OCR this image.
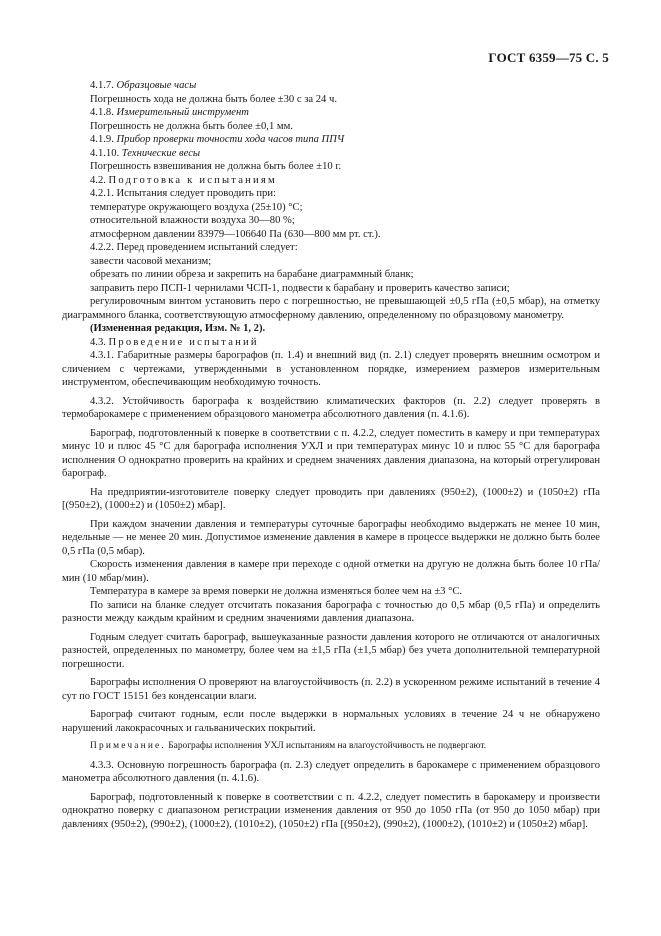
ГОСТ 6359—75 С. 5

4.1.7. Образцовые часы

Погрешность хода не должна быть более ±30 с за 24 ч.

4.1.8. Измерительный инструмент

Погрешность не должна быть более ±0,1 мм.

4.1.9. Прибор проверки точности хода часов типа ППЧ

4.1.10. Технические весы

Погрешность взвешивания не должна быть более ±10 г.

4.2. Подготовка к испытаниям

4.2.1. Испытания следует проводить при:

температуре окружающего воздуха (25±10) °С;

относительной влажности воздуха 30—80 %;

атмосферном давлении 83979—106640 Па (630—800 мм рт. ст.).

4.2.2. Перед проведением испытаний следует:

завести часовой механизм;

обрезать по линии обреза и закрепить на барабане диаграммный бланк;

заправить перо ПСП-1 чернилами ЧСП-1, подвести к барабану и проверить качество записи;

регулировочным винтом установить перо с погрешностью, не превышающей ±0,5 гПа (±0,5 мбар), на отметку диаграммного бланка, соответствующую атмосферному давлению, определенному по образцовому манометру.

(Измененная редакция, Изм. № 1, 2).

4.3. Проведение испытаний

4.3.1. Габаритные размеры барографов (п. 1.4) и внешний вид (п. 2.1) следует проверять внешним осмотром и сличением с чертежами, утвержденными в установленном порядке, измерением размеров измерительным инструментом, обеспечивающим необходимую точность.

4.3.2. Устойчивость барографа к воздействию климатических факторов (п. 2.2) следует проверять в термобарокамере с применением образцового манометра абсолютного давления (п. 4.1.6).

Барограф, подготовленный к поверке в соответствии с п. 4.2.2, следует поместить в камеру и при температурах минус 10 и плюс 45 °С для барографа исполнения УХЛ и при температурах минус 10 и плюс 55 °С для барографа исполнения О однократно проверить на крайних и среднем значениях давления диапазона, на который отрегулирован барограф.

На предприятии-изготовителе поверку следует проводить при давлениях (950±2), (1000±2) и (1050±2) гПа [(950±2), (1000±2) и (1050±2) мбар].

При каждом значении давления и температуры суточные барографы необходимо выдержать не менее 10 мин, недельные — не менее 20 мин. Допустимое изменение давления в камере в процессе выдержки не должно быть более 0,5 гПа (0,5 мбар).

Скорость изменения давления в камере при переходе с одной отметки на другую не должна быть более 10 гПа/мин (10 мбар/мин).

Температура в камере за время поверки не должна изменяться более чем на ±3 °С.

По записи на бланке следует отсчитать показания барографа с точностью до 0,5 мбар (0,5 гПа) и определить разности между каждым крайним и средним значениями давления диапазона.

Годным следует считать барограф, вышеуказанные разности давления которого не отличаются от аналогичных разностей, определенных по манометру, более чем на ±1,5 гПа (±1,5 мбар) без учета дополнительной температурной погрешности.

Барографы исполнения О проверяют на влагоустойчивость (п. 2.2) в ускоренном режиме испытаний в течение 4 сут по ГОСТ 15151 без конденсации влаги.

Барограф считают годным, если после выдержки в нормальных условиях в течение 24 ч не обнаружено нарушений лакокрасочных и гальванических покрытий.

Примечание. Барографы исполнения УХЛ испытаниям на влагоустойчивость не подвергают.

4.3.3. Основную погрешность барографа (п. 2.3) следует определить в барокамере с применением образцового манометра абсолютного давления (п. 4.1.6).

Барограф, подготовленный к поверке в соответствии с п. 4.2.2, следует поместить в барокамеру и произвести однократно поверку с диапазоном регистрации изменения давления от 950 до 1050 гПа (от 950 до 1050 мбар) при давлениях (950±2), (990±2), (1000±2), (1010±2), (1050±2) гПа [(950±2), (990±2), (1000±2), (1010±2) и (1050±2) мбар].
